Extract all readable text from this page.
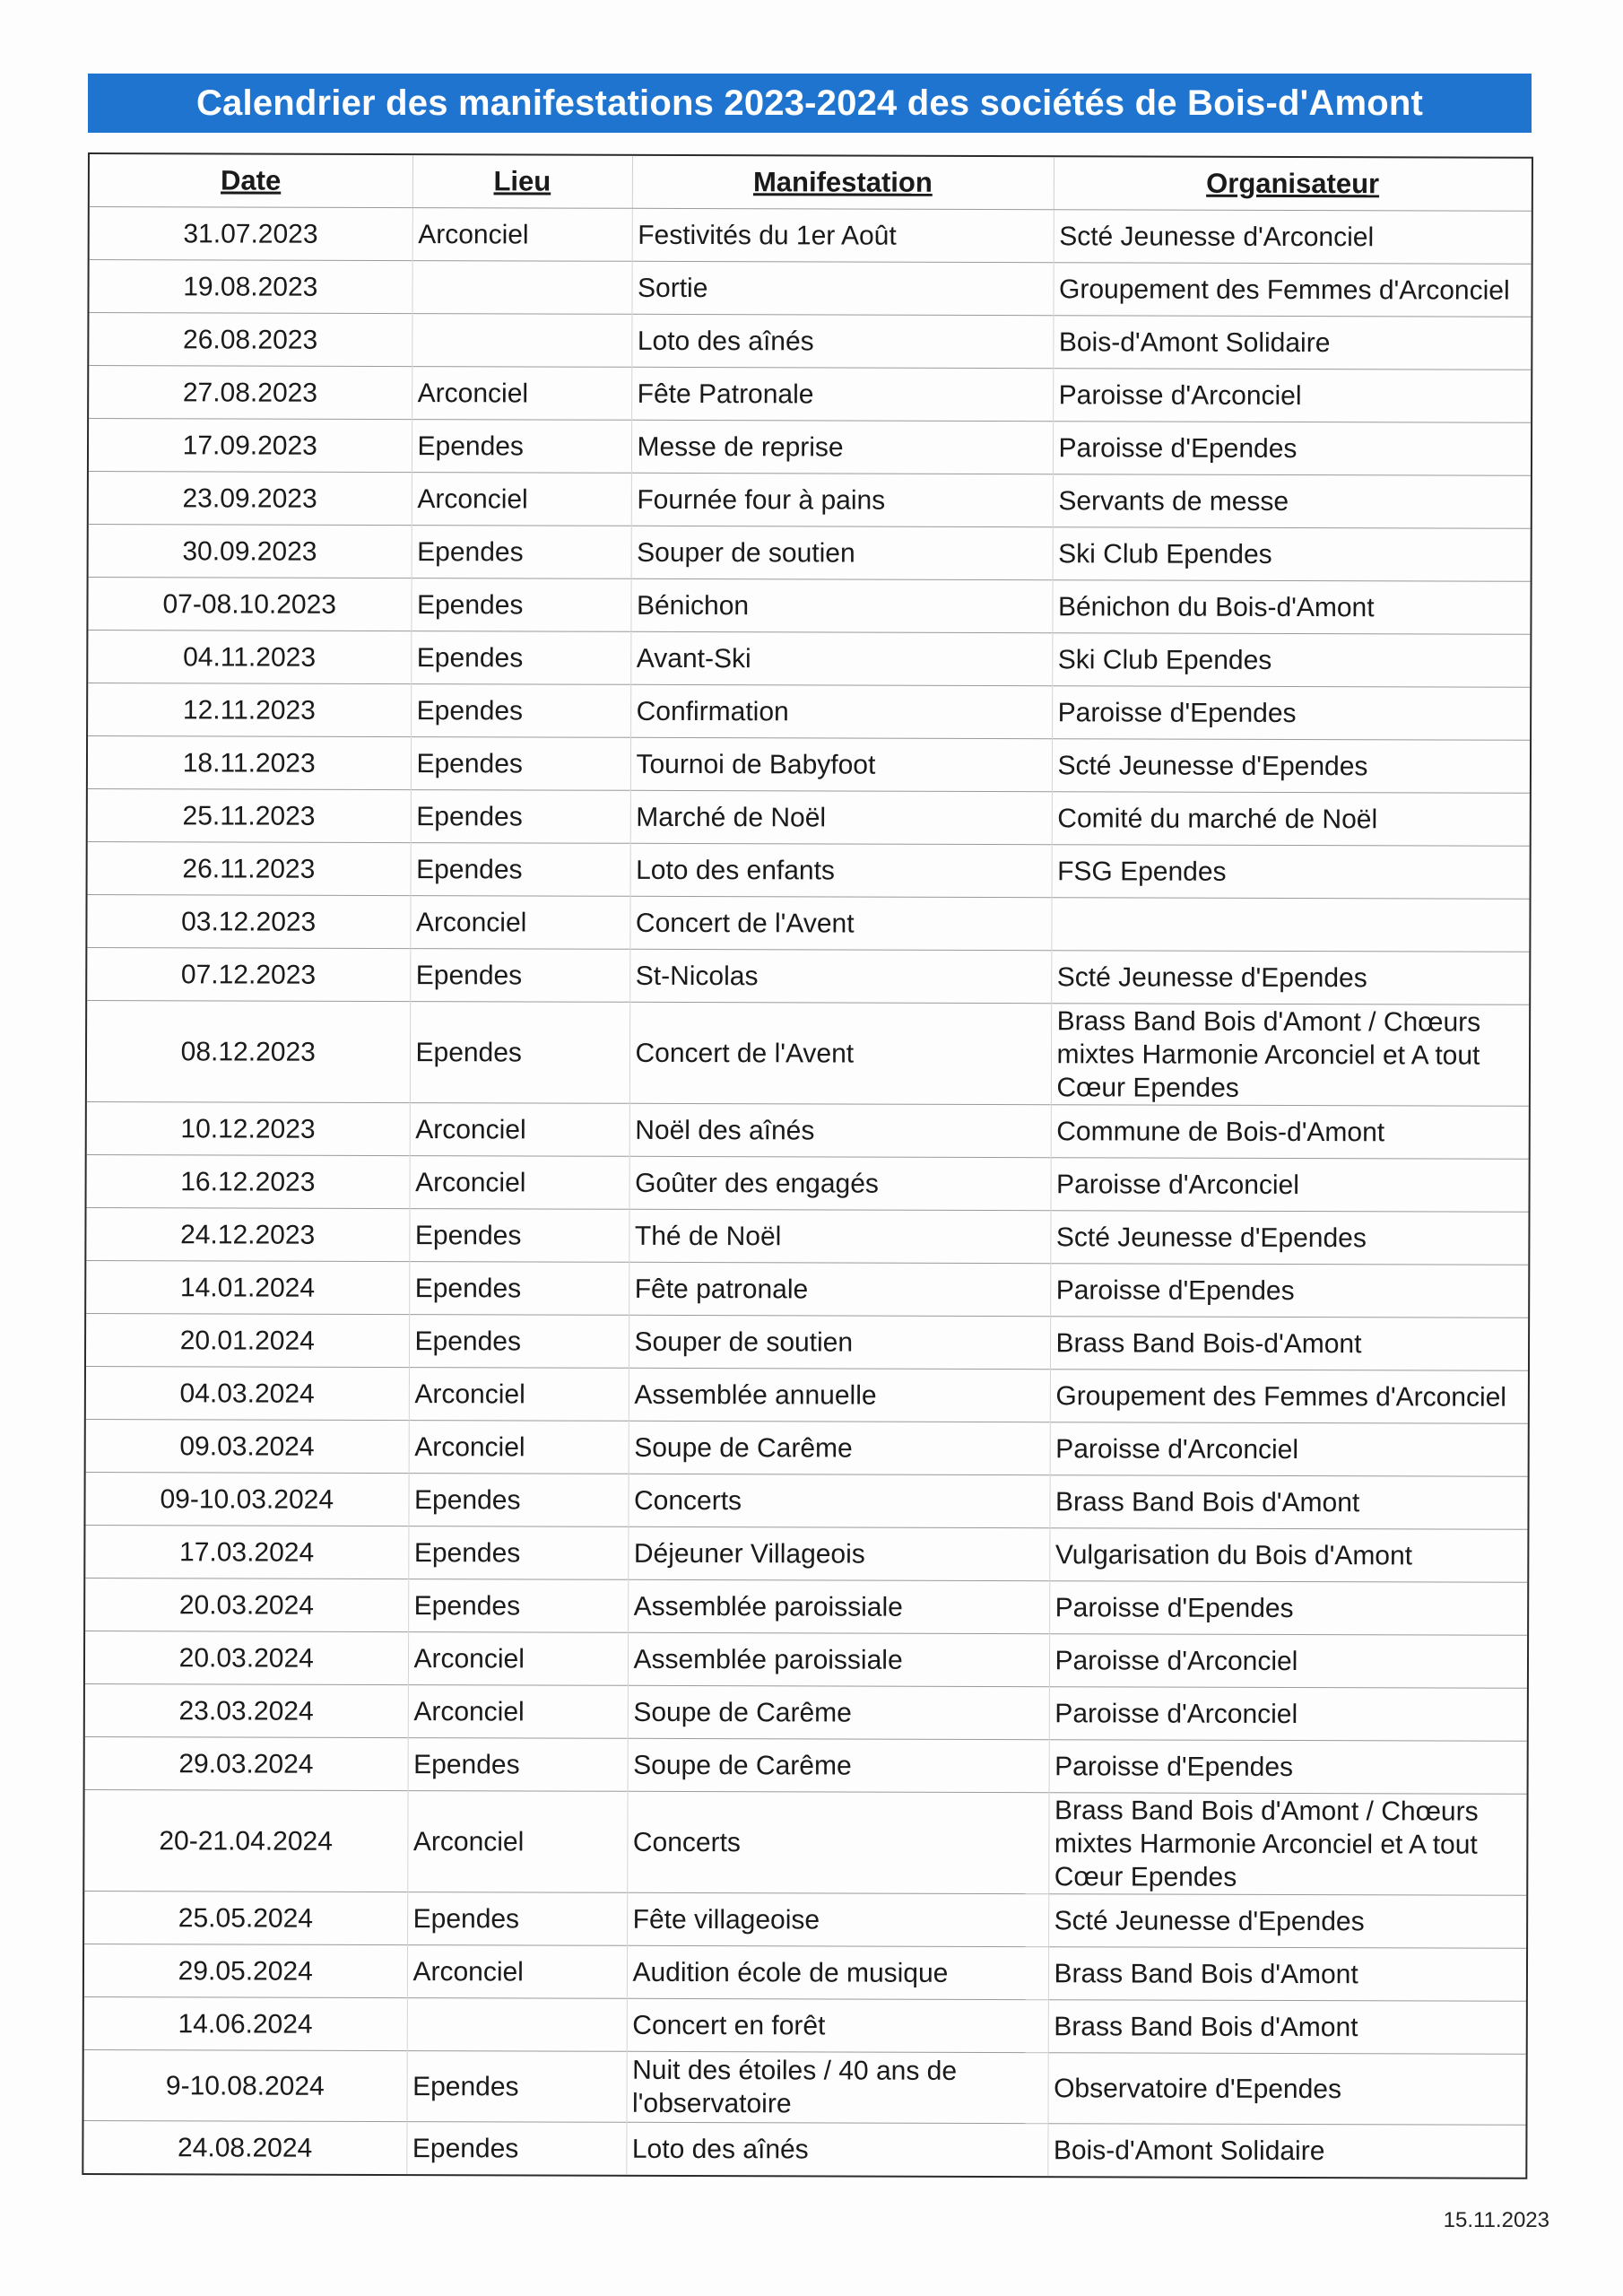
Calendrier des manifestations 2023-2024 des sociétés de Bois-d'Amont
Date	Lieu	Manifestation	Organisateur
31.07.2023	Arconciel	Festivités du 1er Août	Scté Jeunesse d'Arconciel
19.08.2023		Sortie	Groupement des Femmes d'Arconciel
26.08.2023		Loto des aînés	Bois-d'Amont Solidaire
27.08.2023	Arconciel	Fête Patronale	Paroisse d'Arconciel
17.09.2023	Ependes	Messe de reprise	Paroisse d'Ependes
23.09.2023	Arconciel	Fournée four à pains	Servants de messe
30.09.2023	Ependes	Souper de soutien	Ski Club Ependes
07-08.10.2023	Ependes	Bénichon	Bénichon du Bois-d'Amont
04.11.2023	Ependes	Avant-Ski	Ski Club Ependes
12.11.2023	Ependes	Confirmation	Paroisse d'Ependes
18.11.2023	Ependes	Tournoi de Babyfoot	Scté Jeunesse d'Ependes
25.11.2023	Ependes	Marché de Noël	Comité du marché de Noël
26.11.2023	Ependes	Loto des enfants	FSG Ependes
03.12.2023	Arconciel	Concert de l'Avent	
07.12.2023	Ependes	St-Nicolas	Scté Jeunesse d'Ependes
08.12.2023	Ependes	Concert de l'Avent	Brass Band Bois d'Amont / Chœurs mixtes Harmonie Arconciel et A tout Cœur Ependes
10.12.2023	Arconciel	Noël des aînés	Commune de Bois-d'Amont
16.12.2023	Arconciel	Goûter des engagés	Paroisse d'Arconciel
24.12.2023	Ependes	Thé de Noël	Scté Jeunesse d'Ependes
14.01.2024	Ependes	Fête patronale	Paroisse d'Ependes
20.01.2024	Ependes	Souper de soutien	Brass Band Bois-d'Amont
04.03.2024	Arconciel	Assemblée annuelle	Groupement des Femmes d'Arconciel
09.03.2024	Arconciel	Soupe de Carême	Paroisse d'Arconciel
09-10.03.2024	Ependes	Concerts	Brass Band Bois d'Amont
17.03.2024	Ependes	Déjeuner Villageois	Vulgarisation du Bois d'Amont
20.03.2024	Ependes	Assemblée paroissiale	Paroisse d'Ependes
20.03.2024	Arconciel	Assemblée paroissiale	Paroisse d'Arconciel
23.03.2024	Arconciel	Soupe de Carême	Paroisse d'Arconciel
29.03.2024	Ependes	Soupe de Carême	Paroisse d'Ependes
20-21.04.2024	Arconciel	Concerts	Brass Band Bois d'Amont / Chœurs mixtes Harmonie Arconciel et A tout Cœur Ependes
25.05.2024	Ependes	Fête villageoise	Scté Jeunesse d'Ependes
29.05.2024	Arconciel	Audition école de musique	Brass Band Bois d'Amont
14.06.2024		Concert en forêt	Brass Band Bois d'Amont
9-10.08.2024	Ependes	Nuit des étoiles / 40 ans de l'observatoire	Observatoire d'Ependes
24.08.2024	Ependes	Loto des aînés	Bois-d'Amont Solidaire
15.11.2023
